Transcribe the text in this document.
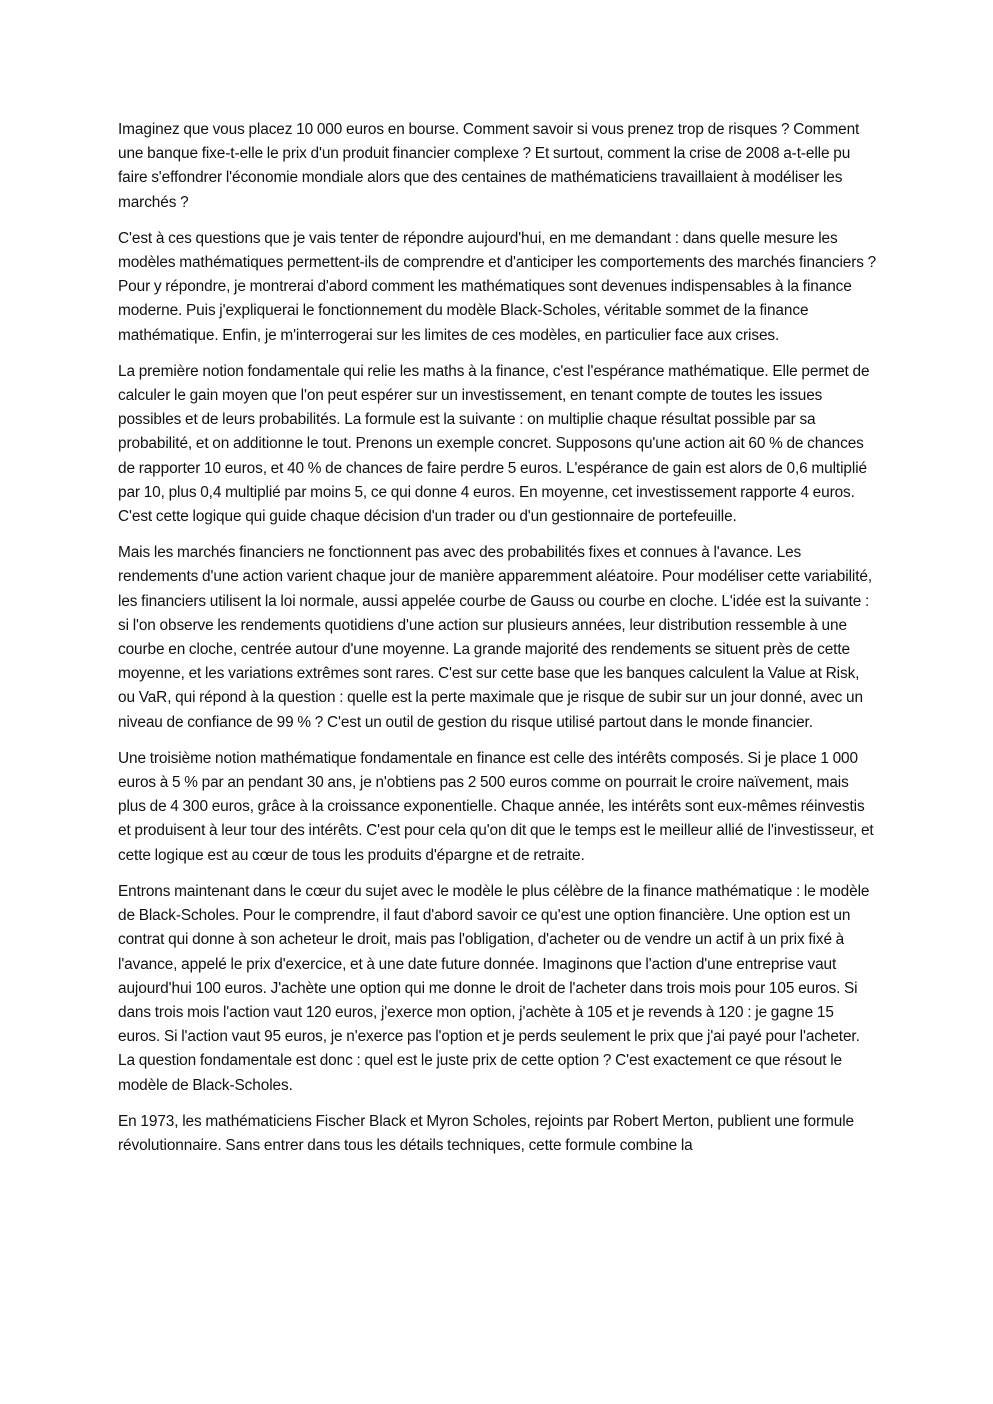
Imaginez que vous placez 10 000 euros en bourse. Comment savoir si vous prenez trop de risques ? Comment une banque fixe-t-elle le prix d'un produit financier complexe ? Et surtout, comment la crise de 2008 a-t-elle pu faire s'effondrer l'économie mondiale alors que des centaines de mathématiciens travaillaient à modéliser les marchés ?

C'est à ces questions que je vais tenter de répondre aujourd'hui, en me demandant : dans quelle mesure les modèles mathématiques permettent-ils de comprendre et d'anticiper les comportements des marchés financiers ? Pour y répondre, je montrerai d'abord comment les mathématiques sont devenues indispensables à la finance moderne. Puis j'expliquerai le fonctionnement du modèle Black-Scholes, véritable sommet de la finance mathématique. Enfin, je m'interrogerai sur les limites de ces modèles, en particulier face aux crises.

La première notion fondamentale qui relie les maths à la finance, c'est l'espérance mathématique. Elle permet de calculer le gain moyen que l'on peut espérer sur un investissement, en tenant compte de toutes les issues possibles et de leurs probabilités. La formule est la suivante : on multiplie chaque résultat possible par sa probabilité, et on additionne le tout. Prenons un exemple concret. Supposons qu'une action ait 60 % de chances de rapporter 10 euros, et 40 % de chances de faire perdre 5 euros. L'espérance de gain est alors de 0,6 multiplié par 10, plus 0,4 multiplié par moins 5, ce qui donne 4 euros. En moyenne, cet investissement rapporte 4 euros. C'est cette logique qui guide chaque décision d'un trader ou d'un gestionnaire de portefeuille.

Mais les marchés financiers ne fonctionnent pas avec des probabilités fixes et connues à l'avance. Les rendements d'une action varient chaque jour de manière apparemment aléatoire. Pour modéliser cette variabilité, les financiers utilisent la loi normale, aussi appelée courbe de Gauss ou courbe en cloche. L'idée est la suivante : si l'on observe les rendements quotidiens d'une action sur plusieurs années, leur distribution ressemble à une courbe en cloche, centrée autour d'une moyenne. La grande majorité des rendements se situent près de cette moyenne, et les variations extrêmes sont rares. C'est sur cette base que les banques calculent la Value at Risk, ou VaR, qui répond à la question : quelle est la perte maximale que je risque de subir sur un jour donné, avec un niveau de confiance de 99 % ? C'est un outil de gestion du risque utilisé partout dans le monde financier.

Une troisième notion mathématique fondamentale en finance est celle des intérêts composés. Si je place 1 000 euros à 5 % par an pendant 30 ans, je n'obtiens pas 2 500 euros comme on pourrait le croire naïvement, mais plus de 4 300 euros, grâce à la croissance exponentielle. Chaque année, les intérêts sont eux-mêmes réinvestis et produisent à leur tour des intérêts. C'est pour cela qu'on dit que le temps est le meilleur allié de l'investisseur, et cette logique est au cœur de tous les produits d'épargne et de retraite.

Entrons maintenant dans le cœur du sujet avec le modèle le plus célèbre de la finance mathématique : le modèle de Black-Scholes. Pour le comprendre, il faut d'abord savoir ce qu'est une option financière. Une option est un contrat qui donne à son acheteur le droit, mais pas l'obligation, d'acheter ou de vendre un actif à un prix fixé à l'avance, appelé le prix d'exercice, et à une date future donnée. Imaginons que l'action d'une entreprise vaut aujourd'hui 100 euros. J'achète une option qui me donne le droit de l'acheter dans trois mois pour 105 euros. Si dans trois mois l'action vaut 120 euros, j'exerce mon option, j'achète à 105 et je revends à 120 : je gagne 15 euros. Si l'action vaut 95 euros, je n'exerce pas l'option et je perds seulement le prix que j'ai payé pour l'acheter. La question fondamentale est donc : quel est le juste prix de cette option ? C'est exactement ce que résout le modèle de Black-Scholes.

En 1973, les mathématiciens Fischer Black et Myron Scholes, rejoints par Robert Merton, publient une formule révolutionnaire. Sans entrer dans tous les détails techniques, cette formule combine la
